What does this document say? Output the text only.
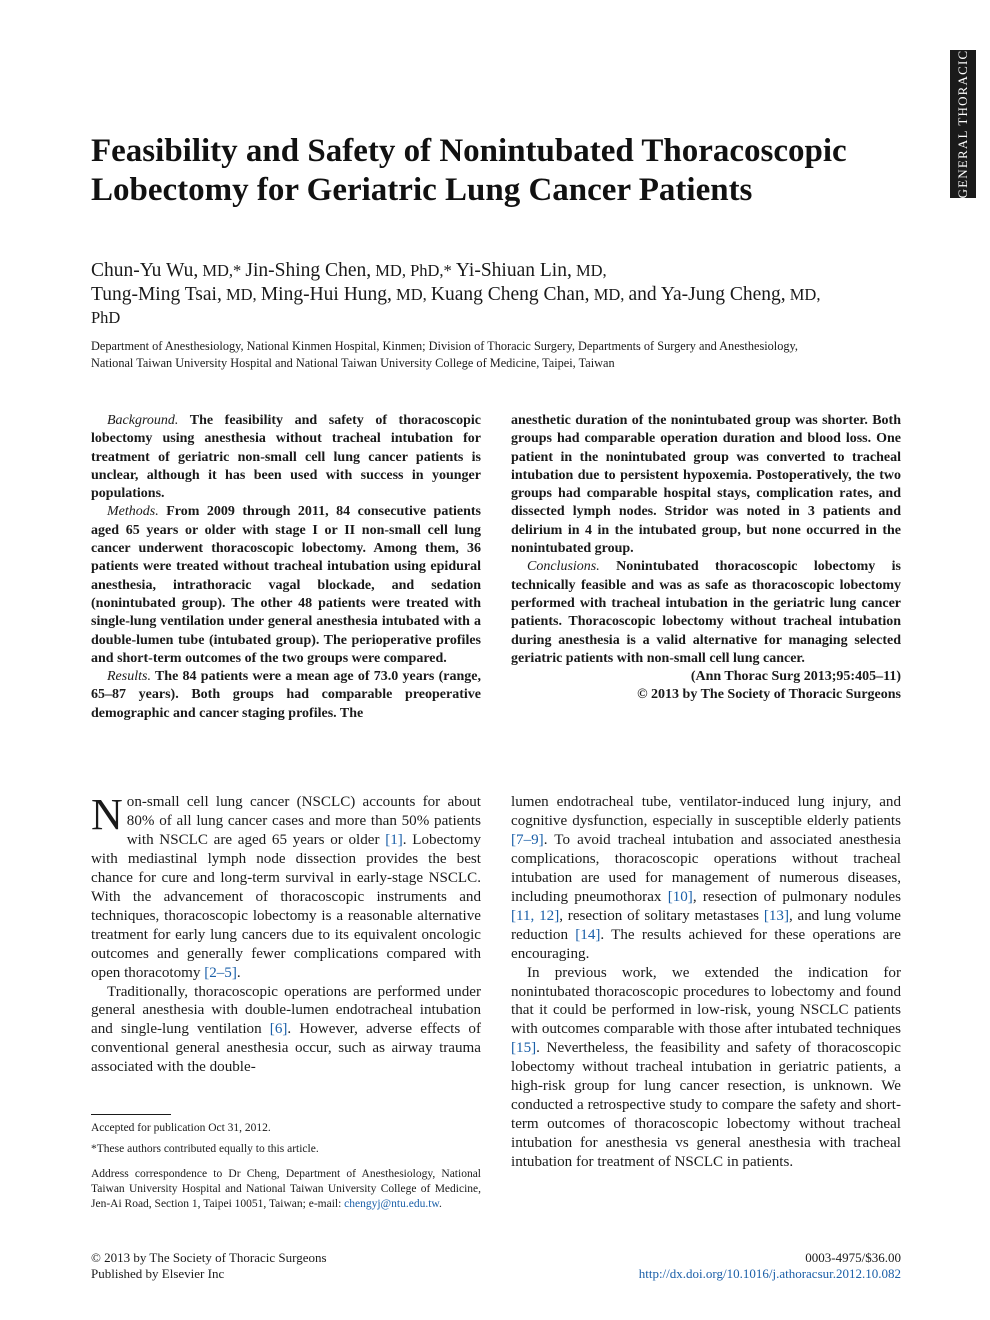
GENERAL THORACIC
Feasibility and Safety of Nonintubated Thoracoscopic Lobectomy for Geriatric Lung Cancer Patients
Chun-Yu Wu, MD,* Jin-Shing Chen, MD, PhD,* Yi-Shiuan Lin, MD,
Tung-Ming Tsai, MD, Ming-Hui Hung, MD, Kuang Cheng Chan, MD, and Ya-Jung Cheng, MD, PhD
Department of Anesthesiology, National Kinmen Hospital, Kinmen; Division of Thoracic Surgery, Departments of Surgery and Anesthesiology, National Taiwan University Hospital and National Taiwan University College of Medicine, Taipei, Taiwan

Background. The feasibility and safety of thoracoscopic lobectomy using anesthesia without tracheal intubation for treatment of geriatric non-small cell lung cancer patients is unclear, although it has been used with success in younger populations.

Methods. From 2009 through 2011, 84 consecutive patients aged 65 years or older with stage I or II non-small cell lung cancer underwent thoracoscopic lobectomy. Among them, 36 patients were treated without tracheal intubation using epidural anesthesia, intrathoracic vagal blockade, and sedation (nonintubated group). The other 48 patients were treated with single-lung ventilation under general anesthesia intubated with a double-lumen tube (intubated group). The perioperative profiles and short-term outcomes of the two groups were compared.

Results. The 84 patients were a mean age of 73.0 years (range, 65–87 years). Both groups had comparable preoperative demographic and cancer staging profiles. The

anesthetic duration of the nonintubated group was shorter. Both groups had comparable operation duration and blood loss. One patient in the nonintubated group was converted to tracheal intubation due to persistent hypoxemia. Postoperatively, the two groups had comparable hospital stays, complication rates, and dissected lymph nodes. Stridor was noted in 3 patients and delirium in 4 in the intubated group, but none occurred in the nonintubated group.

Conclusions. Nonintubated thoracoscopic lobectomy is technically feasible and was as safe as thoracoscopic lobectomy performed with tracheal intubation in the geriatric lung cancer patients. Thoracoscopic lobectomy without tracheal intubation during anesthesia is a valid alternative for managing selected geriatric patients with non-small cell lung cancer.

(Ann Thorac Surg 2013;95:405–11)

© 2013 by The Society of Thoracic Surgeons

Non-small cell lung cancer (NSCLC) accounts for about 80% of all lung cancer cases and more than 50% patients with NSCLC are aged 65 years or older [1]. Lobectomy with mediastinal lymph node dissection provides the best chance for cure and long-term survival in early-stage NSCLC. With the advancement of thoracoscopic instruments and techniques, thoracoscopic lobectomy is a reasonable alternative treatment for early lung cancers due to its equivalent oncologic outcomes and generally fewer complications compared with open thoracotomy [2–5].

Traditionally, thoracoscopic operations are performed under general anesthesia with double-lumen endotracheal intubation and single-lung ventilation [6]. However, adverse effects of conventional general anesthesia occur, such as airway trauma associated with the double-

lumen endotracheal tube, ventilator-induced lung injury, and cognitive dysfunction, especially in susceptible elderly patients [7–9]. To avoid tracheal intubation and associated anesthesia complications, thoracoscopic operations without tracheal intubation are used for management of numerous diseases, including pneumothorax [10], resection of pulmonary nodules [11, 12], resection of solitary metastases [13], and lung volume reduction [14]. The results achieved for these operations are encouraging.

In previous work, we extended the indication for nonintubated thoracoscopic procedures to lobectomy and found that it could be performed in low-risk, young NSCLC patients with outcomes comparable with those after intubated techniques [15]. Nevertheless, the feasibility and safety of thoracoscopic lobectomy without tracheal intubation in geriatric patients, a high-risk group for lung cancer resection, is unknown. We conducted a retrospective study to compare the safety and short-term outcomes of thoracoscopic lobectomy without tracheal intubation for anesthesia vs general anesthesia with tracheal intubation for treatment of NSCLC in patients.

Accepted for publication Oct 31, 2012.

*These authors contributed equally to this article.

Address correspondence to Dr Cheng, Department of Anesthesiology, National Taiwan University Hospital and National Taiwan University College of Medicine, Jen-Ai Road, Section 1, Taipei 10051, Taiwan; e-mail: chengyj@ntu.edu.tw.

© 2013 by The Society of Thoracic Surgeons
Published by Elsevier Inc
0003-4975/$36.00
http://dx.doi.org/10.1016/j.athoracsur.2012.10.082
